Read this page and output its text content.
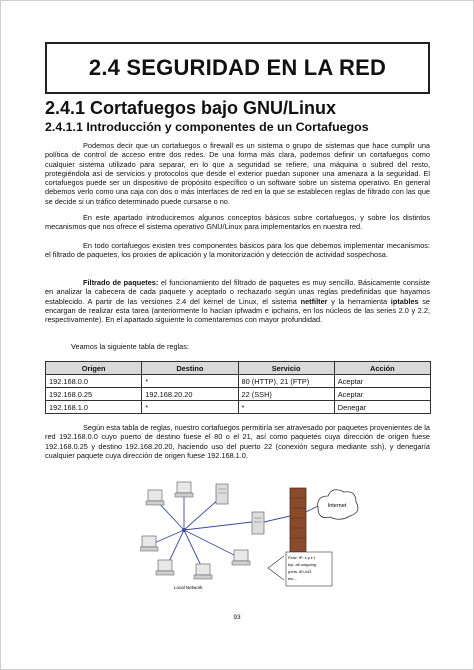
2.4 SEGURIDAD EN LA RED
2.4.1 Cortafuegos bajo GNU/Linux
2.4.1.1 Introducción y componentes de un Cortafuegos

Podemos decir que un cortafuegos o firewall es un sistema o grupo de sistemas que hace cumplir una política de control de acceso entre dos redes. De una forma más clara, podemos definir un cortafuegos como cualquier sistema utilizado para separar, en lo que a seguridad se refiere, una máquina o subred del resto, protegiéndola así de servicios y protocolos que desde el exterior puedan suponer una amenaza a la seguridad. El cortafuegos puede ser un dispositivo de propósito específico o un software sobre un sistema operativo. En general debemos verlo como una caja con dos o más interfaces de red en la que se establecen reglas de filtrado con las que se decide si un tráfico determinado puede cursarse o no.

En este apartado introduciremos algunos conceptos básicos sobre cortafuegos, y sobre los distintos mecanismos que nos ofrece el sistema operativo GNU/Linux para implementarlos en nuestra red.

En todo cortafuegos existen tres componentes básicos para los que debemos implementar mecanismos: el filtrado de paquetes, los proxies de aplicación y la monitorización y detección de actividad sospechosa.

Filtrado de paquetes: el funcionamiento del filtrado de paquetes es muy sencillo. Básicamente consiste en analizar la cabecera de cada paquete y aceptarlo o rechazarlo según unas reglas predefinidas que hayamos establecido. A partir de las versiones 2.4 del kernel de Linux, el sistema netfilter y la herramienta iptables se encargan de realizar esta tarea (anteriormente lo hacían ipfwadm e ipchains, en los núcleos de las series 2.0 y 2.2, respectivamente). En el apartado siguiente lo comentaremos con mayor profundidad.

Veamos la siguiente tabla de reglas:

Origen	Destino	Servicio	Acción
192.168.0.0	*	80 (HTTP), 21 (FTP)	Aceptar
192.168.0.25	192.168.20.20	22 (SSH)	Aceptar
192.168.1.0	*	*	Denegar

Según esta tabla de reglas, nuestro cortafuegos permitiría ser atravesado por paquetes provenientes de la red 192.168.0.0 cuyo puerto de destino fuese el 80 o el 21, así como paquetes cuya dirección de origen fuese 192.168.0.25 y destino 192.168.20.20, haciendo uso del puerto 22 (conexión segura mediante ssh), y denegaría cualquier paquete cuya dirección de origen fuese 192.168.1.0.

Internet
Flow: IP: x.y.z.t
tcp: all outgoing
ports: 80,443
etc...
Local Network
93
